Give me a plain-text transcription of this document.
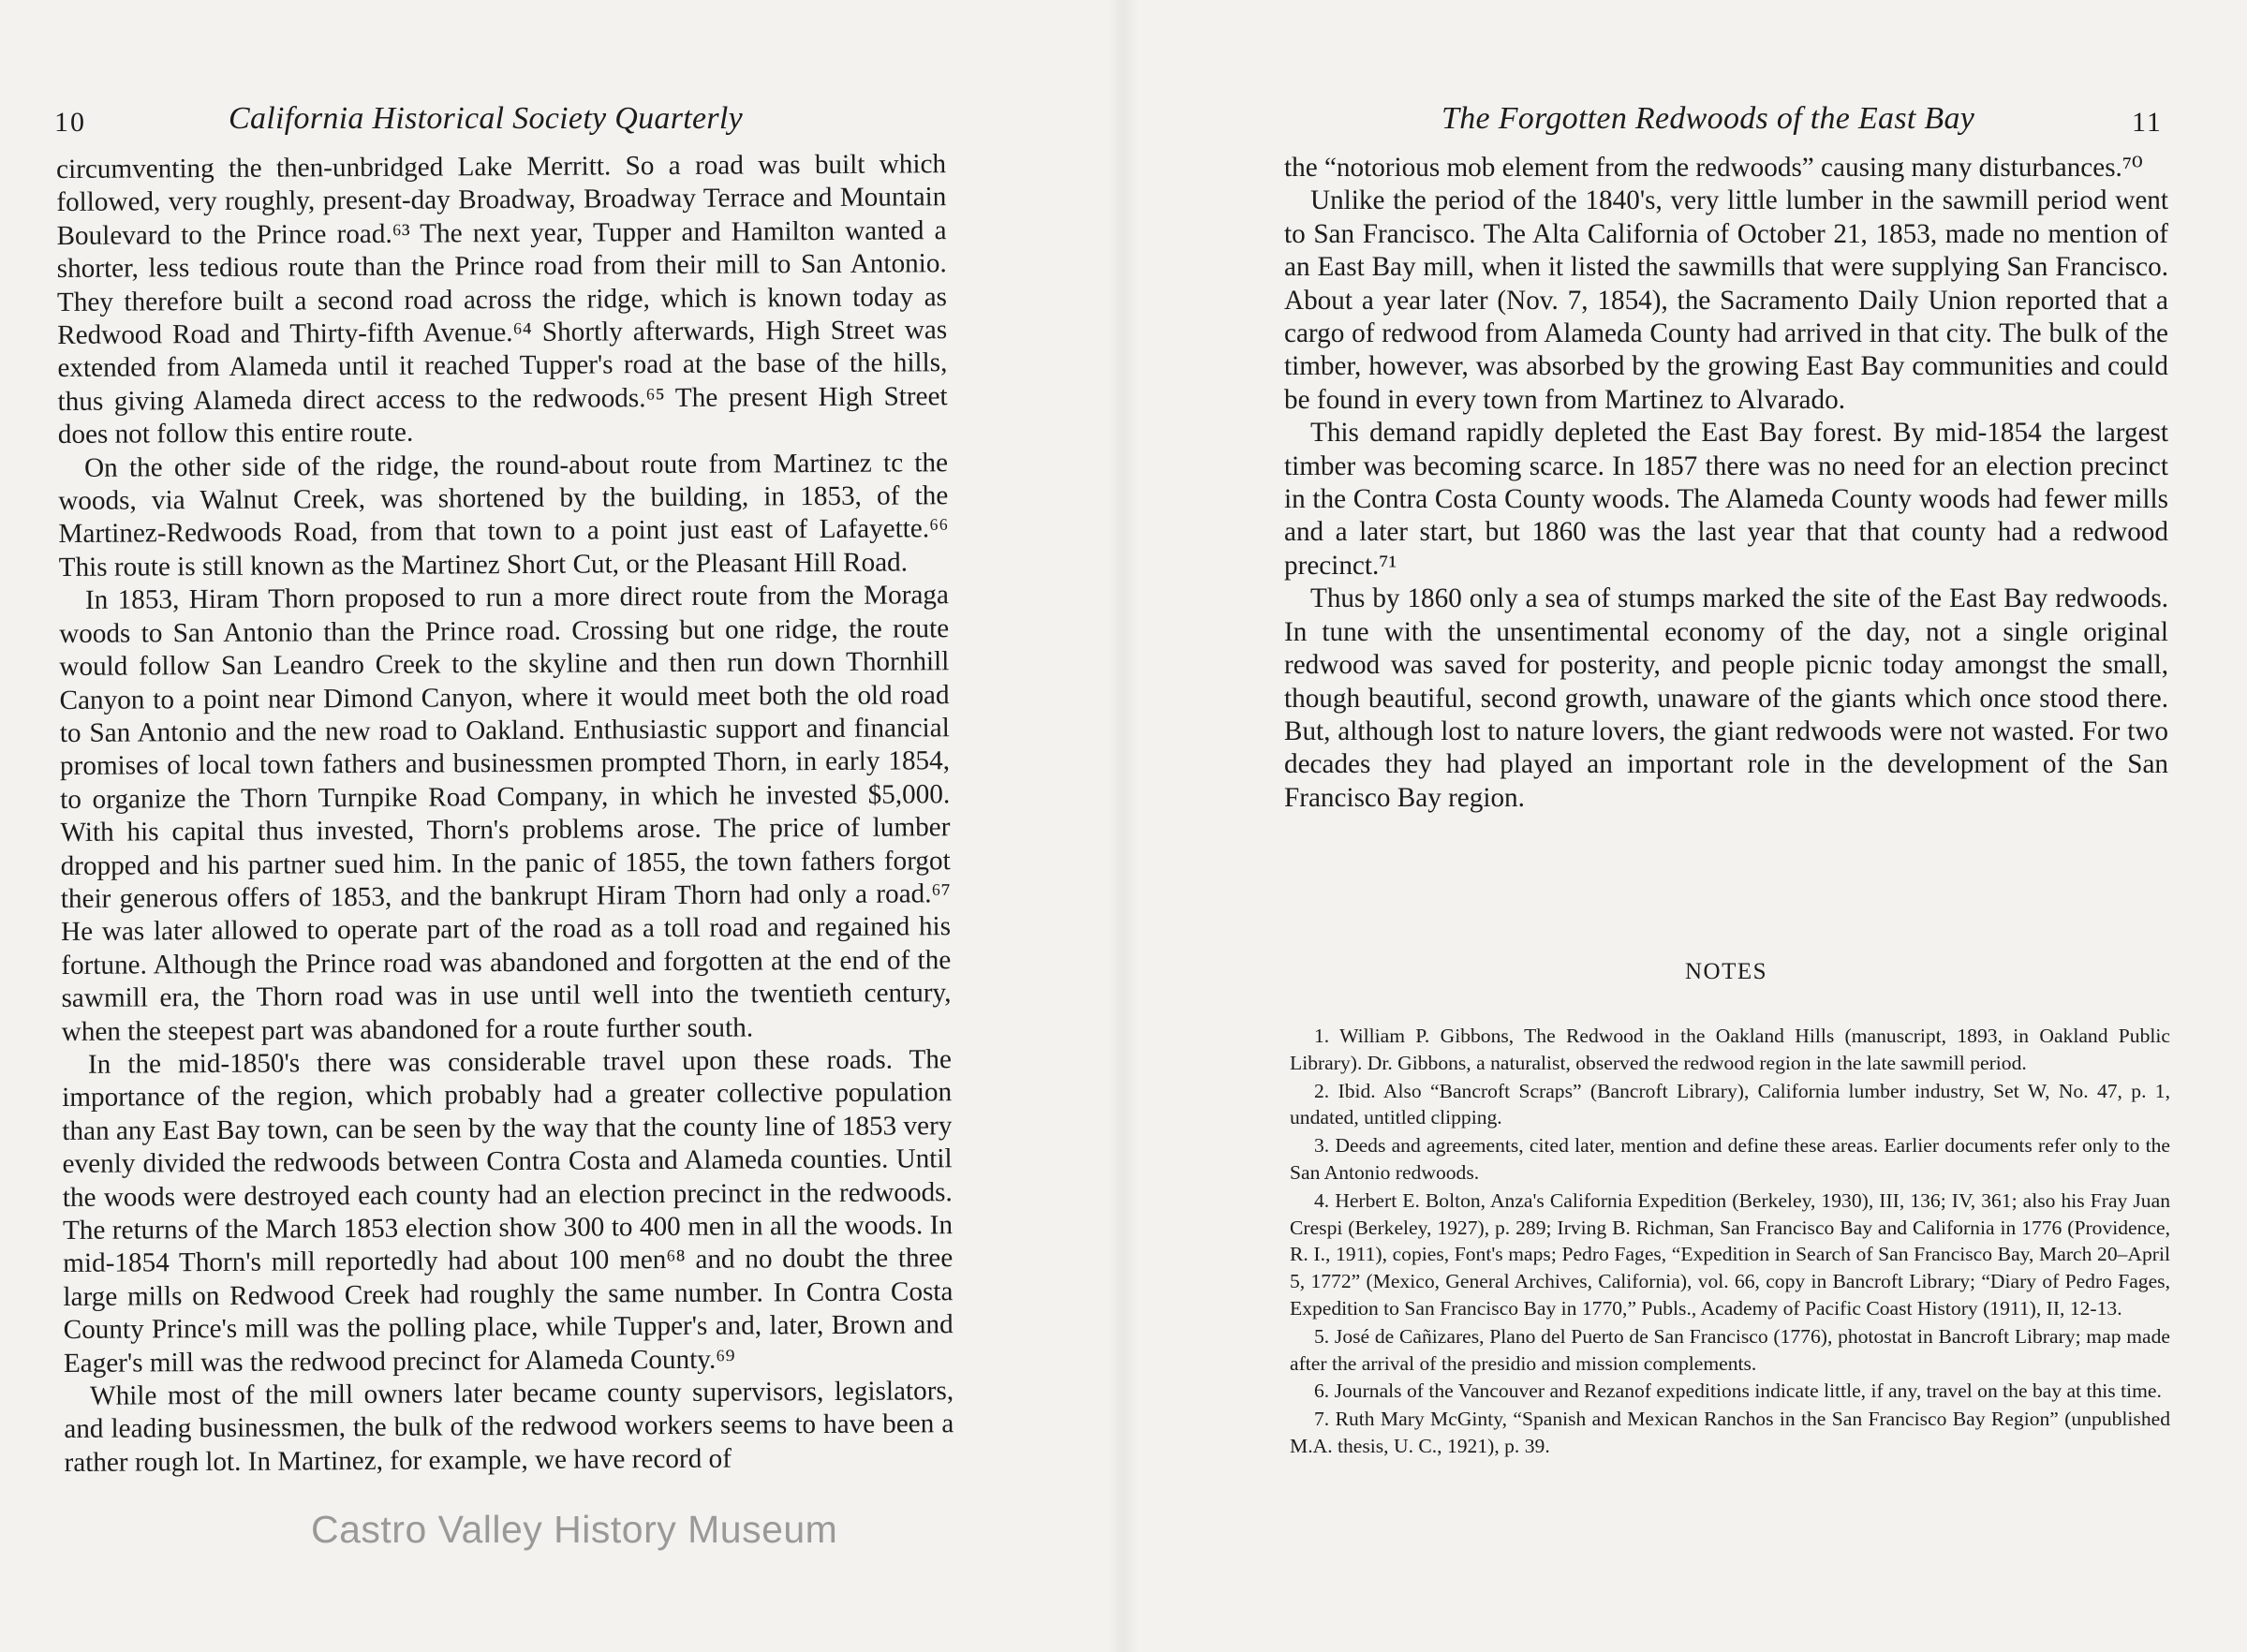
10	California Historical Society Quarterly

circumventing the then-unbridged Lake Merritt. So a road was built which followed, very roughly, present-day Broadway, Broadway Terrace and Mountain Boulevard to the Prince road.⁶³ The next year, Tupper and Hamilton wanted a shorter, less tedious route than the Prince road from their mill to San Antonio. They therefore built a second road across the ridge, which is known today as Redwood Road and Thirty-fifth Avenue.⁶⁴ Shortly afterwards, High Street was extended from Alameda until it reached Tupper's road at the base of the hills, thus giving Alameda direct access to the redwoods.⁶⁵ The present High Street does not follow this entire route.

On the other side of the ridge, the round-about route from Martinez tc the woods, via Walnut Creek, was shortened by the building, in 1853, of the Martinez-Redwoods Road, from that town to a point just east of Lafayette.⁶⁶ This route is still known as the Martinez Short Cut, or the Pleasant Hill Road.

In 1853, Hiram Thorn proposed to run a more direct route from the Moraga woods to San Antonio than the Prince road. Crossing but one ridge, the route would follow San Leandro Creek to the skyline and then run down Thornhill Canyon to a point near Dimond Canyon, where it would meet both the old road to San Antonio and the new road to Oakland. Enthusiastic support and financial promises of local town fathers and businessmen prompted Thorn, in early 1854, to organize the Thorn Turnpike Road Company, in which he invested $5,000. With his capital thus invested, Thorn's problems arose. The price of lumber dropped and his partner sued him. In the panic of 1855, the town fathers forgot their generous offers of 1853, and the bankrupt Hiram Thorn had only a road.⁶⁷ He was later allowed to operate part of the road as a toll road and regained his fortune. Although the Prince road was abandoned and forgotten at the end of the sawmill era, the Thorn road was in use until well into the twentieth century, when the steepest part was abandoned for a route further south.

In the mid-1850's there was considerable travel upon these roads. The importance of the region, which probably had a greater collective population than any East Bay town, can be seen by the way that the county line of 1853 very evenly divided the redwoods between Contra Costa and Alameda counties. Until the woods were destroyed each county had an election precinct in the redwoods. The returns of the March 1853 election show 300 to 400 men in all the woods. In mid-1854 Thorn's mill reportedly had about 100 men⁶⁸ and no doubt the three large mills on Redwood Creek had roughly the same number. In Contra Costa County Prince's mill was the polling place, while Tupper's and, later, Brown and Eager's mill was the redwood precinct for Alameda County.⁶⁹

While most of the mill owners later became county supervisors, legislators, and leading businessmen, the bulk of the redwood workers seems to have been a rather rough lot. In Martinez, for example, we have record of

The Forgotten Redwoods of the East Bay	11

the “notorious mob element from the redwoods” causing many disturbances.⁷⁰

Unlike the period of the 1840's, very little lumber in the sawmill period went to San Francisco. The Alta California of October 21, 1853, made no mention of an East Bay mill, when it listed the sawmills that were supplying San Francisco. About a year later (Nov. 7, 1854), the Sacramento Daily Union reported that a cargo of redwood from Alameda County had arrived in that city. The bulk of the timber, however, was absorbed by the growing East Bay communities and could be found in every town from Martinez to Alvarado.

This demand rapidly depleted the East Bay forest. By mid-1854 the largest timber was becoming scarce. In 1857 there was no need for an election precinct in the Contra Costa County woods. The Alameda County woods had fewer mills and a later start, but 1860 was the last year that that county had a redwood precinct.⁷¹

Thus by 1860 only a sea of stumps marked the site of the East Bay redwoods. In tune with the unsentimental economy of the day, not a single original redwood was saved for posterity, and people picnic today amongst the small, though beautiful, second growth, unaware of the giants which once stood there. But, although lost to nature lovers, the giant redwoods were not wasted. For two decades they had played an important role in the development of the San Francisco Bay region.

NOTES

1. William P. Gibbons, The Redwood in the Oakland Hills (manuscript, 1893, in Oakland Public Library). Dr. Gibbons, a naturalist, observed the redwood region in the late sawmill period.

2. Ibid. Also “Bancroft Scraps” (Bancroft Library), California lumber industry, Set W, No. 47, p. 1, undated, untitled clipping.

3. Deeds and agreements, cited later, mention and define these areas. Earlier documents refer only to the San Antonio redwoods.

4. Herbert E. Bolton, Anza's California Expedition (Berkeley, 1930), III, 136; IV, 361; also his Fray Juan Crespi (Berkeley, 1927), p. 289; Irving B. Richman, San Francisco Bay and California in 1776 (Providence, R. I., 1911), copies, Font's maps; Pedro Fages, “Expedition in Search of San Francisco Bay, March 20–April 5, 1772” (Mexico, General Archives, California), vol. 66, copy in Bancroft Library; “Diary of Pedro Fages, Expedition to San Francisco Bay in 1770,” Publs., Academy of Pacific Coast History (1911), II, 12-13.

5. José de Cañizares, Plano del Puerto de San Francisco (1776), photostat in Bancroft Library; map made after the arrival of the presidio and mission complements.

6. Journals of the Vancouver and Rezanof expeditions indicate little, if any, travel on the bay at this time.

7. Ruth Mary McGinty, “Spanish and Mexican Ranchos in the San Francisco Bay Region” (unpublished M.A. thesis, U. C., 1921), p. 39.

Castro Valley History Museum
